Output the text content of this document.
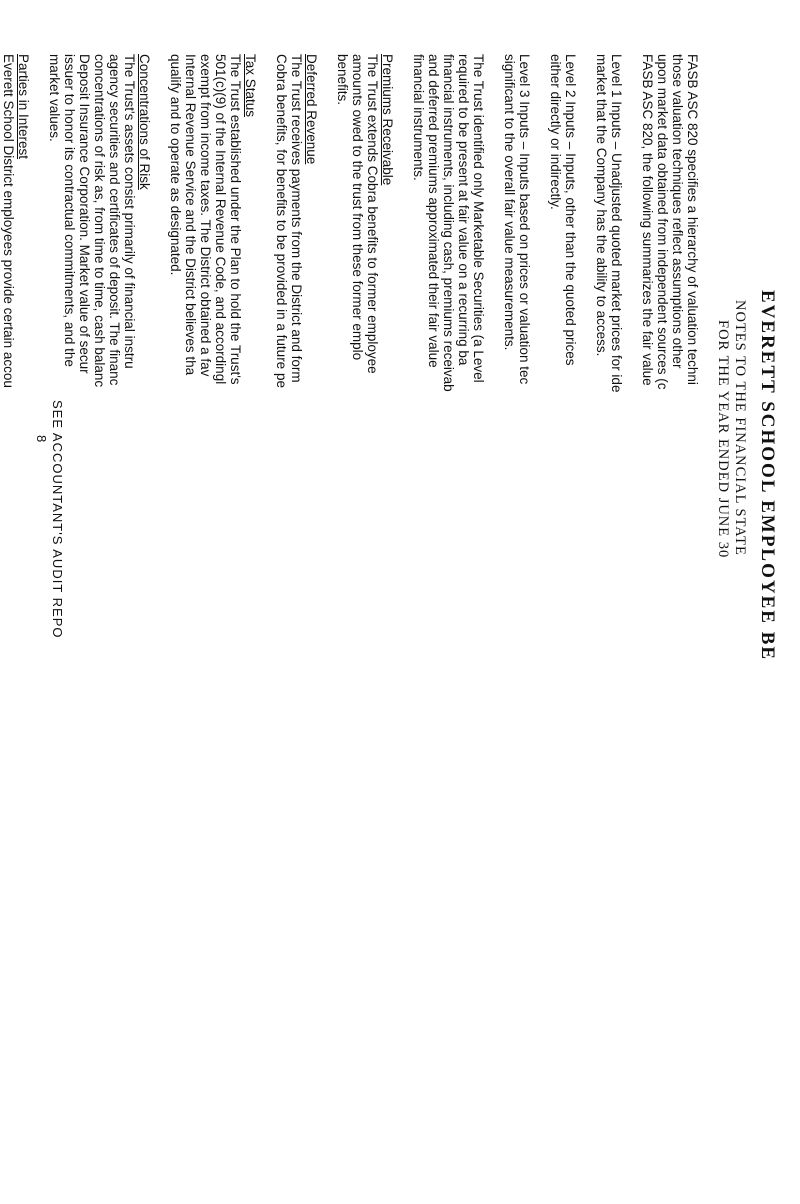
EVERETT SCHOOL EMPLOYEE BE
NOTES TO THE FINANCIAL STATE
FOR THE YEAR ENDED JUNE 30
FASB ASC 820 specifies a hierarchy of valuation techni
those valuation techniques reflect assumptions other
upon market data obtained from independent sources (c
FASB ASC 820, the following summarizes the fair value
Level 1 Inputs – Unadjusted quoted market prices for ide
market that the Company has the ability to access.
Level 2 Inputs – Inputs, other than the quoted prices
either directly or indirectly.
Level 3 Inputs – Inputs based on prices or valuation tec
significant to the overall fair value measurements.
The Trust identified only Marketable Securities (a Level
required to be present at fair value on a recurring ba
financial instruments, including cash, premiums receivab
and deferred premiums approximated their fair value
financial instruments.
Premiums Receivable
The Trust extends Cobra benefits to former employee
amounts owed to the trust from these former emplo
benefits.
Deferred Revenue
The Trust receives payments from the District and form
Cobra benefits, for benefits to be provided in a future pe
Tax Status
The Trust established under the Plan to hold the Trust's
501(c)(9) of the Internal Revenue Code, and accordingl
exempt from income taxes. The District obtained a fav
Internal Revenue Service and the District believes tha
qualify and to operate as designated.
Concentrations of Risk
The Trust's assets consist primarily of financial instru
agency securities and certificates of deposit. The financ
concentrations of risk as, from time to time, cash balanc
Deposit Insurance Corporation. Market value of secur
issuer to honor its contractual commitments, and the
market values.
Parties in Interest
Everett School District employees provide certain accou
SEE ACCOUNTANT'S AUDIT REPO
8
